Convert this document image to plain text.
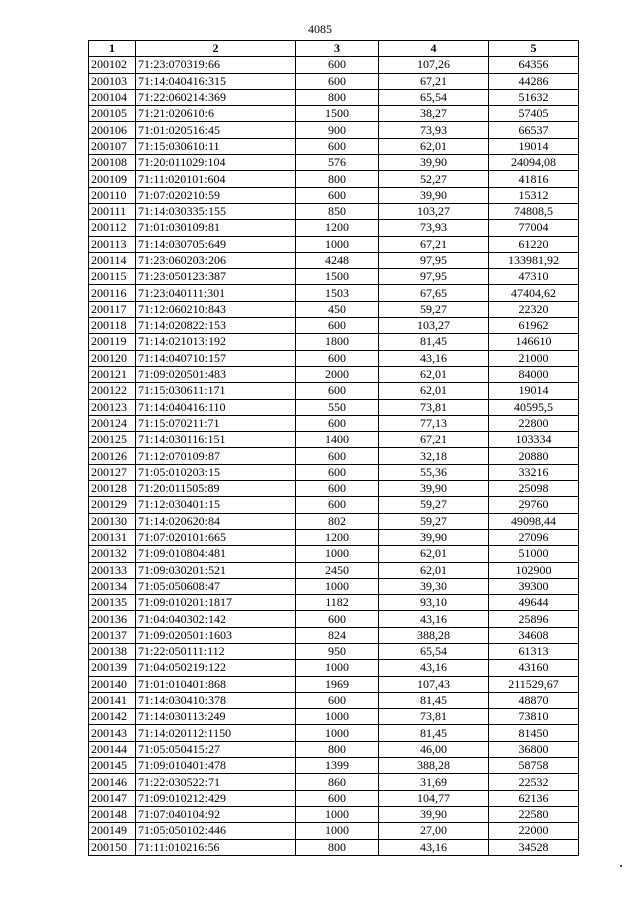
4085
1	2	3	4	5
200102	71:23:070319:66	600	107,26	64356
200103	71:14:040416:315	600	67,21	44286
200104	71:22:060214:369	800	65,54	51632
200105	71:21:020610:6	1500	38,27	57405
200106	71:01:020516:45	900	73,93	66537
200107	71:15:030610:11	600	62,01	19014
200108	71:20:011029:104	576	39,90	24094,08
200109	71:11:020101:604	800	52,27	41816
200110	71:07:020210:59	600	39,90	15312
200111	71:14:030335:155	850	103,27	74808,5
200112	71:01:030109:81	1200	73,93	77004
200113	71:14:030705:649	1000	67,21	61220
200114	71:23:060203:206	4248	97,95	133981,92
200115	71:23:050123:387	1500	97,95	47310
200116	71:23:040111:301	1503	67,65	47404,62
200117	71:12:060210:843	450	59,27	22320
200118	71:14:020822:153	600	103,27	61962
200119	71:14:021013:192	1800	81,45	146610
200120	71:14:040710:157	600	43,16	21000
200121	71:09:020501:483	2000	62,01	84000
200122	71:15:030611:171	600	62,01	19014
200123	71:14:040416:110	550	73,81	40595,5
200124	71:15:070211:71	600	77,13	22800
200125	71:14:030116:151	1400	67,21	103334
200126	71:12:070109:87	600	32,18	20880
200127	71:05:010203:15	600	55,36	33216
200128	71:20:011505:89	600	39,90	25098
200129	71:12:030401:15	600	59,27	29760
200130	71:14:020620:84	802	59,27	49098,44
200131	71:07:020101:665	1200	39,90	27096
200132	71:09:010804:481	1000	62,01	51000
200133	71:09:030201:521	2450	62,01	102900
200134	71:05:050608:47	1000	39,30	39300
200135	71:09:010201:1817	1182	93,10	49644
200136	71:04:040302:142	600	43,16	25896
200137	71:09:020501:1603	824	388,28	34608
200138	71:22:050111:112	950	65,54	61313
200139	71:04:050219:122	1000	43,16	43160
200140	71:01:010401:868	1969	107,43	211529,67
200141	71:14:030410:378	600	81,45	48870
200142	71:14:030113:249	1000	73,81	73810
200143	71:14:020112:1150	1000	81,45	81450
200144	71:05:050415:27	800	46,00	36800
200145	71:09:010401:478	1399	388,28	58758
200146	71:22:030522:71	860	31,69	22532
200147	71:09:010212:429	600	104,77	62136
200148	71:07:040104:92	1000	39,90	22580
200149	71:05:050102:446	1000	27,00	22000
200150	71:11:010216:56	800	43,16	34528
